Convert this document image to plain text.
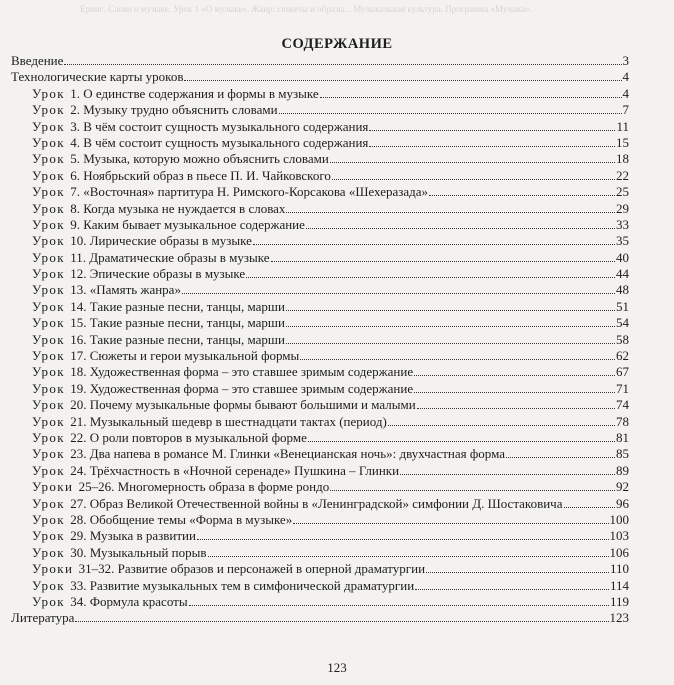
Ернис. Слово о музыке. Урок 1 «О музыке». Жанр: сюжеты и образы... Музыкальная культура. Программа «Музыка».
СОДЕРЖАНИЕ
Введение	3
Технологические карты уроков	4
Урок 1. О единстве содержания и формы в музыке	4
Урок 2. Музыку трудно объяснить словами	7
Урок 3. В чём состоит сущность музыкального содержания	11
Урок 4. В чём состоит сущность музыкального содержания	15
Урок 5. Музыка, которую можно объяснить словами	18
Урок 6. Ноябрьский образ в пьесе П. И. Чайковского	22
Урок 7. «Восточная» партитура Н. Римского-Корсакова «Шехеразада»	25
Урок 8. Когда музыка не нуждается в словах	29
Урок 9. Каким бывает музыкальное содержание	33
Урок 10. Лирические образы в музыке	35
Урок 11. Драматические образы в музыке	40
Урок 12. Эпические образы в музыке	44
Урок 13. «Память жанра»	48
Урок 14. Такие разные песни, танцы, марши	51
Урок 15. Такие разные песни, танцы, марши	54
Урок 16. Такие разные песни, танцы, марши	58
Урок 17. Сюжеты и герои музыкальной формы	62
Урок 18. Художественная форма – это ставшее зримым содержание	67
Урок 19. Художественная форма – это ставшее зримым содержание	71
Урок 20. Почему музыкальные формы бывают большими и малыми	74
Урок 21. Музыкальный шедевр в шестнадцати тактах (период)	78
Урок 22. О роли повторов в музыкальной форме	81
Урок 23. Два напева в романсе М. Глинки «Венецианская ночь»: двухчастная форма	85
Урок 24. Трёхчастность в «Ночной серенаде» Пушкина – Глинки	89
Уроки 25–26. Многомерность образа в форме рондо	92
Урок 27. Образ Великой Отечественной войны в «Ленинградской» симфонии Д. Шостаковича	96
Урок 28. Обобщение темы «Форма в музыке»	100
Урок 29. Музыка в развитии	103
Урок 30. Музыкальный порыв	106
Уроки 31–32. Развитие образов и персонажей в оперной драматургии	110
Урок 33. Развитие музыкальных тем в симфонической драматургии	114
Урок 34. Формула красоты	119
Литература	123
123
